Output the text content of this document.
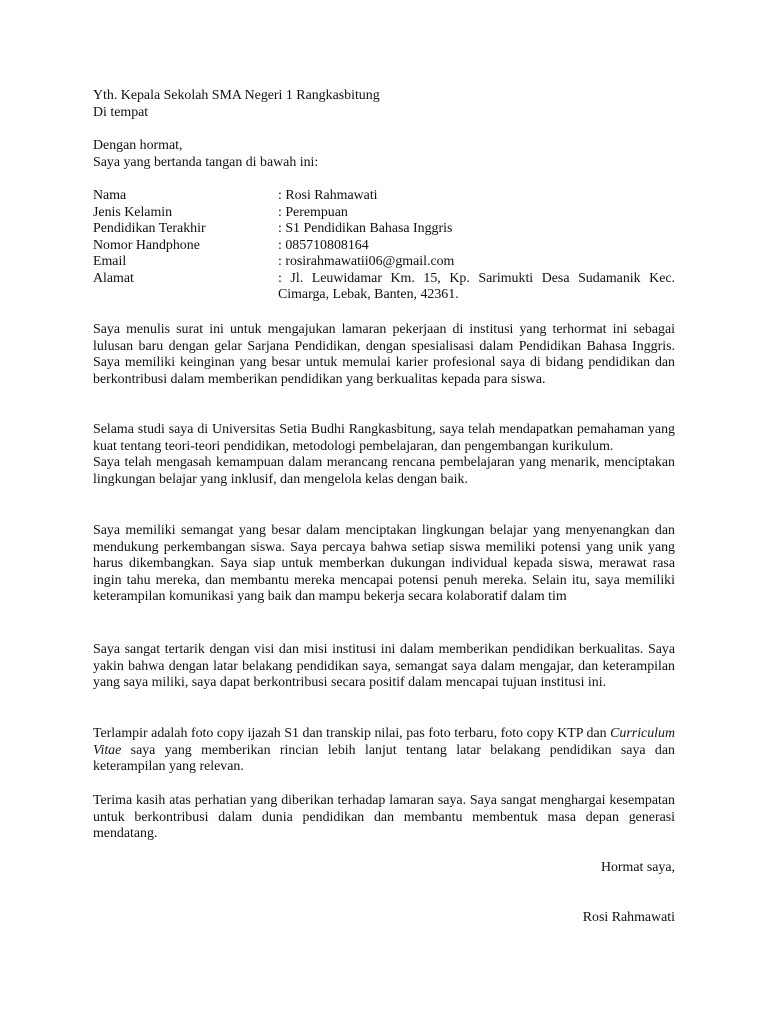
Yth. Kepala Sekolah SMA Negeri 1 Rangkasbitung
Di tempat
Dengan hormat,
Saya yang bertanda tangan di bawah ini:
Nama	: Rosi Rahmawati
Jenis Kelamin	: Perempuan
Pendidikan Terakhir	: S1 Pendidikan Bahasa Inggris
Nomor Handphone	: 085710808164
Email	: rosirahmawatii06@gmail.com
Alamat	: Jl. Leuwidamar Km. 15, Kp. Sarimukti Desa Sudamanik Kec. Cimarga, Lebak, Banten, 42361.

Saya menulis surat ini untuk mengajukan lamaran pekerjaan di institusi yang terhormat ini sebagai lulusan baru dengan gelar Sarjana Pendidikan, dengan spesialisasi dalam Pendidikan Bahasa Inggris. Saya memiliki keinginan yang besar untuk memulai karier profesional saya di bidang pendidikan dan berkontribusi dalam memberikan pendidikan yang berkualitas kepada para siswa.

Selama studi saya di Universitas Setia Budhi Rangkasbitung, saya telah mendapatkan pemahaman yang kuat tentang teori-teori pendidikan, metodologi pembelajaran, dan pengembangan kurikulum.

Saya telah mengasah kemampuan dalam merancang rencana pembelajaran yang menarik, menciptakan lingkungan belajar yang inklusif, dan mengelola kelas dengan baik.

Saya memiliki semangat yang besar dalam menciptakan lingkungan belajar yang menyenangkan dan mendukung perkembangan siswa. Saya percaya bahwa setiap siswa memiliki potensi yang unik yang harus dikembangkan. Saya siap untuk memberkan dukungan individual kepada siswa, merawat rasa ingin tahu mereka, dan membantu mereka mencapai potensi penuh mereka. Selain itu, saya memiliki keterampilan komunikasi yang baik dan mampu bekerja secara kolaboratif dalam tim

Saya sangat tertarik dengan visi dan misi institusi ini dalam memberikan pendidikan berkualitas. Saya yakin bahwa dengan latar belakang pendidikan saya, semangat saya dalam mengajar, dan keterampilan yang saya miliki, saya dapat berkontribusi secara positif dalam mencapai tujuan institusi ini.

Terlampir adalah foto copy ijazah S1 dan transkip nilai, pas foto terbaru, foto copy KTP dan Curriculum Vitae saya yang memberikan rincian lebih lanjut tentang latar belakang pendidikan saya dan keterampilan yang relevan.

Terima kasih atas perhatian yang diberikan terhadap lamaran saya. Saya sangat menghargai kesempatan untuk berkontribusi dalam dunia pendidikan dan membantu membentuk masa depan generasi mendatang.

Hormat saya,
Rosi Rahmawati
